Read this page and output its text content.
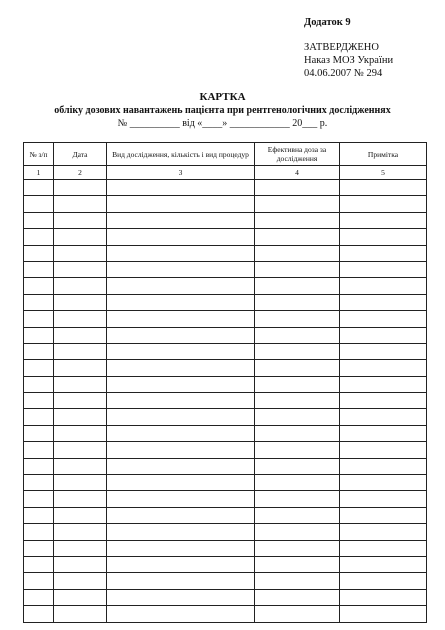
Додаток 9
ЗАТВЕРДЖЕНО
Наказ МОЗ України
04.06.2007 № 294
КАРТКА
обліку дозових навантажень пацієнта при рентгенологічних дослідженнях
№ __________ від «____» ____________ 20___ р.
№ з/п	Дата	Вид дослідження, кількість і вид процедур	Ефективна доза за дослідження	Примітка
1	2	3	4	5
